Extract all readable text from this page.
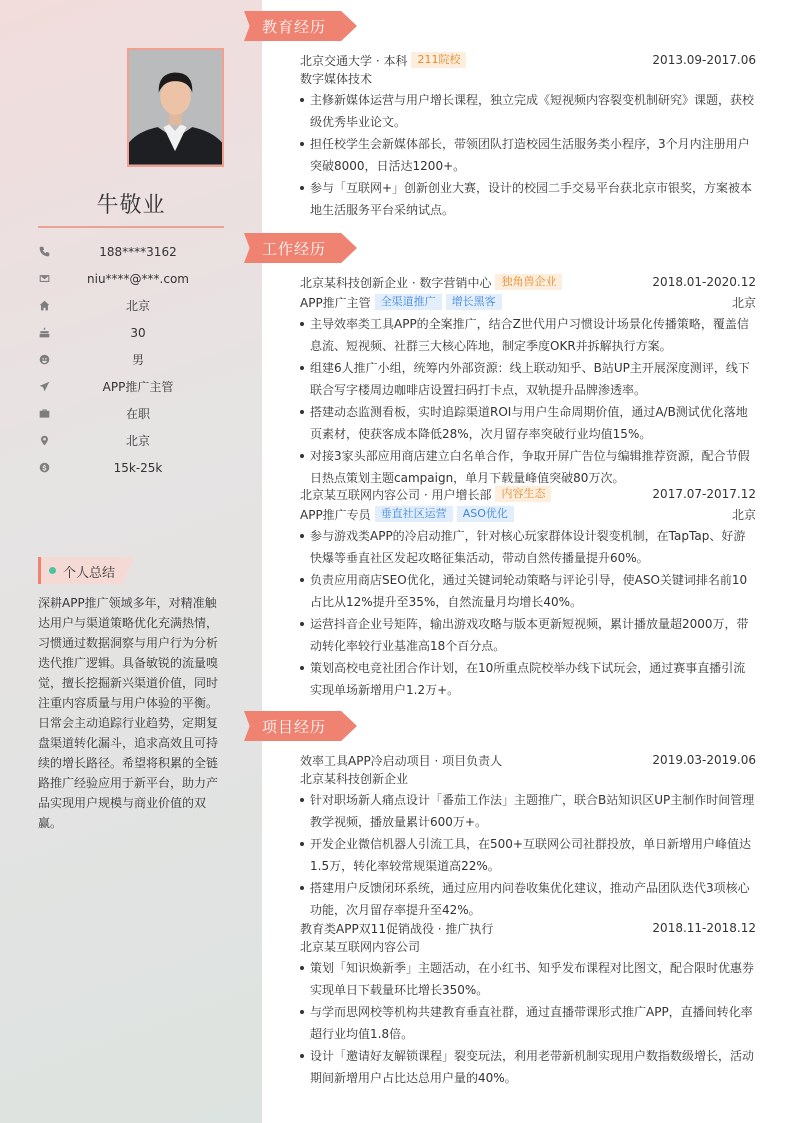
牛敬业
188****3162
niu****@***.com
北京
30
男
APP推广主管
在职
北京
15k-25k
个人总结
深耕APP推广领域多年，对精准触达用户与渠道策略优化充满热情，习惯通过数据洞察与用户行为分析迭代推广逻辑。具备敏锐的流量嗅觉，擅长挖掘新兴渠道价值，同时注重内容质量与用户体验的平衡。日常会主动追踪行业趋势，定期复盘渠道转化漏斗，追求高效且可持续的增长路径。希望将积累的全链路推广经验应用于新平台，助力产品实现用户规模与商业价值的双赢。
教育经历
北京交通大学 · 本科 211院校	2013.09-2017.06
数字媒体技术
主修新媒体运营与用户增长课程，独立完成《短视频内容裂变机制研究》课题，获校级优秀毕业论文。
担任校学生会新媒体部长，带领团队打造校园生活服务类小程序，3个月内注册用户突破8000，日活达1200+。
参与「互联网+」创新创业大赛，设计的校园二手交易平台获北京市银奖，方案被本地生活服务平台采纳试点。
工作经历
北京某科技创新企业 · 数字营销中心 独角兽企业	2018.01-2020.12
APP推广主管 全渠道推广	增长黑客	北京
主导效率类工具APP的全案推广，结合Z世代用户习惯设计场景化传播策略，覆盖信息流、短视频、社群三大核心阵地，制定季度OKR并拆解执行方案。
组建6人推广小组，统筹内外部资源：线上联动知乎、B站UP主开展深度测评，线下联合写字楼周边咖啡店设置扫码打卡点，双轨提升品牌渗透率。
搭建动态监测看板，实时追踪渠道ROI与用户生命周期价值，通过A/B测试优化落地页素材，使获客成本降低28%，次月留存率突破行业均值15%。
对接3家头部应用商店建立白名单合作，争取开屏广告位与编辑推荐资源，配合节假日热点策划主题campaign，单月下载量峰值突破80万次。
北京某互联网内容公司 · 用户增长部 内容生态	2017.07-2017.12
APP推广专员 垂直社区运营	ASO优化	北京
参与游戏类APP的冷启动推广，针对核心玩家群体设计裂变机制，在TapTap、好游快爆等垂直社区发起攻略征集活动，带动自然传播量提升60%。
负责应用商店SEO优化，通过关键词轮动策略与评论引导，使ASO关键词排名前10占比从12%提升至35%，自然流量月均增长40%。
运营抖音企业号矩阵，输出游戏攻略与版本更新短视频，累计播放量超2000万，带动转化率较行业基准高18个百分点。
策划高校电竞社团合作计划，在10所重点院校举办线下试玩会，通过赛事直播引流实现单场新增用户1.2万+。
项目经历
效率工具APP冷启动项目 · 项目负责人	2019.03-2019.06
北京某科技创新企业
针对职场新人痛点设计「番茄工作法」主题推广，联合B站知识区UP主制作时间管理教学视频，播放量累计600万+。
开发企业微信机器人引流工具，在500+互联网公司社群投放，单日新增用户峰值达1.5万，转化率较常规渠道高22%。
搭建用户反馈闭环系统，通过应用内问卷收集优化建议，推动产品团队迭代3项核心功能，次月留存率提升至42%。
教育类APP双11促销战役 · 推广执行	2018.11-2018.12
北京某互联网内容公司
策划「知识焕新季」主题活动，在小红书、知乎发布课程对比图文，配合限时优惠券实现单日下载量环比增长350%。
与学而思网校等机构共建教育垂直社群，通过直播带课形式推广APP，直播间转化率超行业均值1.8倍。
设计「邀请好友解锁课程」裂变玩法，利用老带新机制实现用户数指数级增长，活动期间新增用户占比达总用户量的40%。
